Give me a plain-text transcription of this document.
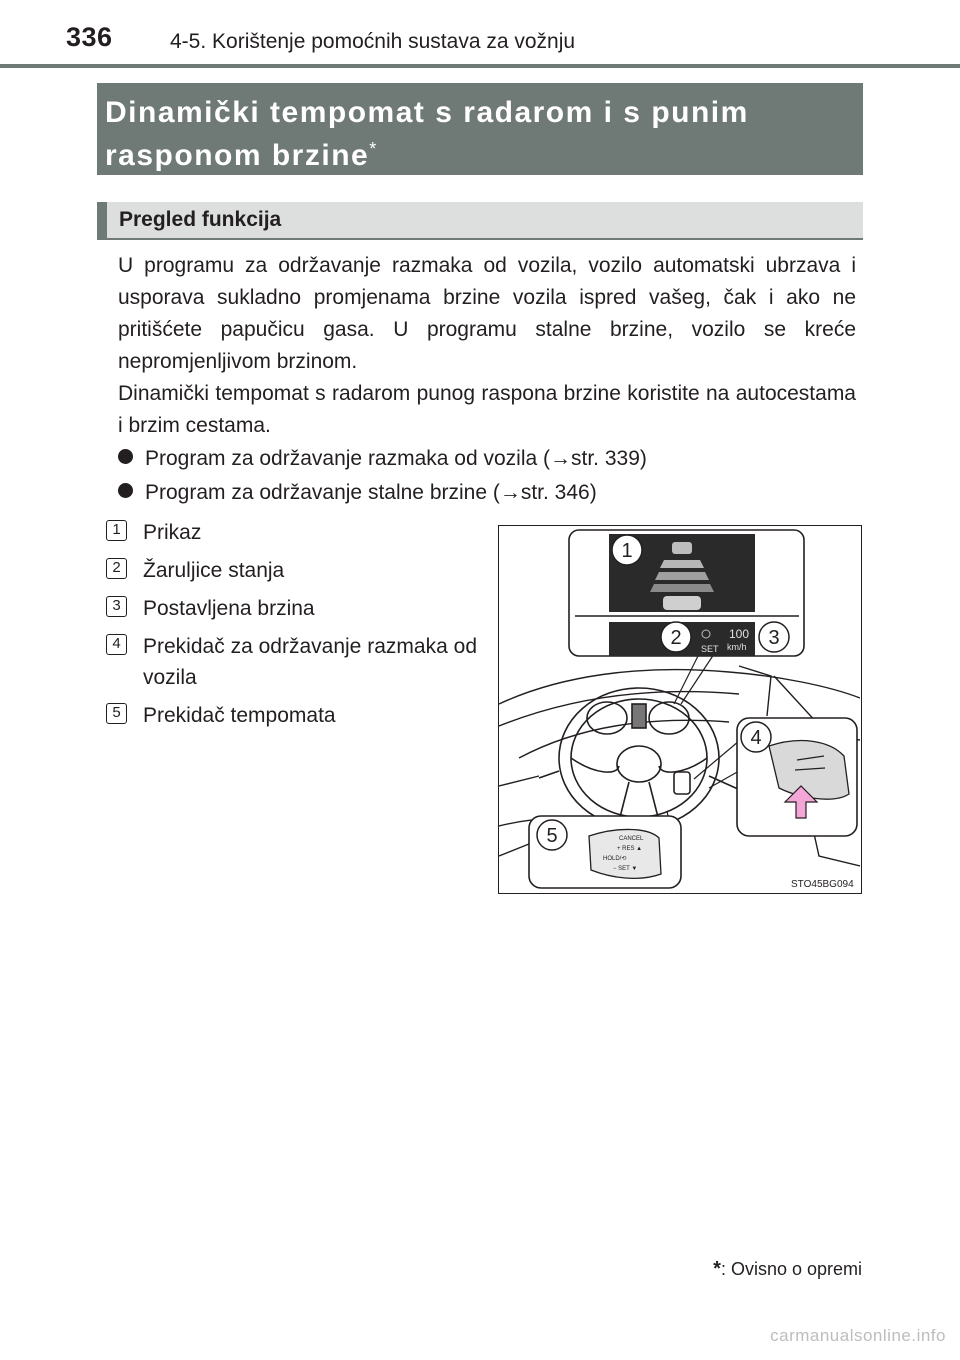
336	4-5. Korištenje pomoćnih sustava za vožnju
Dinamički tempomat s radarom i s punim
rasponom brzine*
Pregled funkcija

U programu za održavanje razmaka od vozila, vozilo automatski ubrzava i usporava sukladno promjenama brzine vozila ispred vašeg, čak i ako ne pritišćete papučicu gasa. U programu stalne brzine, vozilo se kreće nepromjenljivom brzinom.

Dinamički tempomat s radarom punog raspona brzine koristite na autocestama i brzim cestama.

Program za održavanje razmaka od vozila (→str. 339)
Program za održavanje stalne brzine (→str. 346)
1	Prikaz
2	Žaruljice stanja
3	Postavljena brzina
4	Prekidač za održavanje razmaka od vozila
5	Prekidač tempomata
100
SET km/h
1
2	3
4
CANCEL
+ RES ▲
HOLD/⟲
− SET ▼
5
STO45BG094
*: Ovisno o opremi
carmanualsonline.info
